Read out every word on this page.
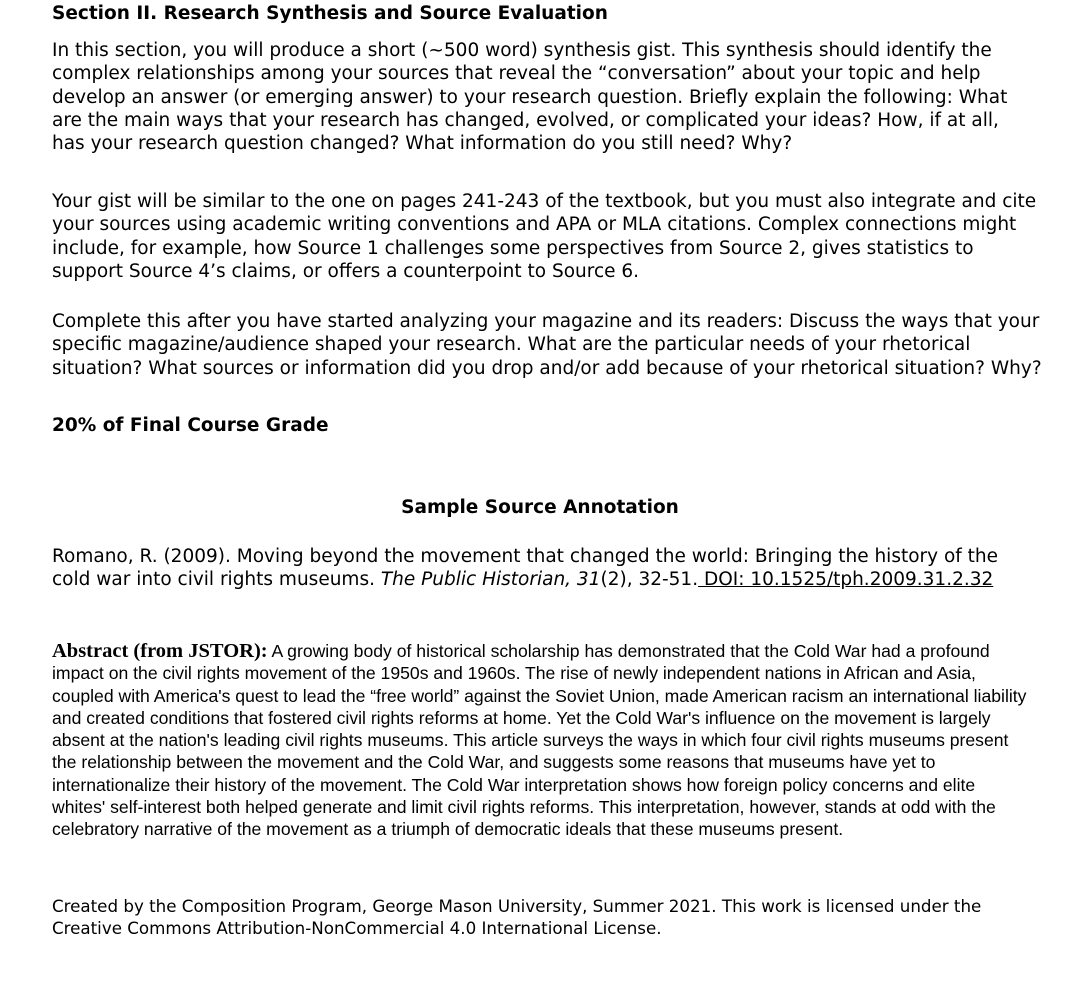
Section II. Research Synthesis and Source Evaluation

In this section, you will produce a short (~500 word) synthesis gist. This synthesis should identify the complex relationships among your sources that reveal the “conversation” about your topic and help develop an answer (or emerging answer) to your research question. Briefly explain the following: What are the main ways that your research has changed, evolved, or complicated your ideas? How, if at all, has your research question changed? What information do you still need? Why?

Your gist will be similar to the one on pages 241-243 of the textbook, but you must also integrate and cite your sources using academic writing conventions and APA or MLA citations. Complex connections might include, for example, how Source 1 challenges some perspectives from Source 2, gives statistics to support Source 4’s claims, or offers a counterpoint to Source 6.

Complete this after you have started analyzing your magazine and its readers: Discuss the ways that your specific magazine/audience shaped your research. What are the particular needs of your rhetorical situation? What sources or information did you drop and/or add because of your rhetorical situation? Why?

20% of Final Course Grade
Sample Source Annotation

Romano, R. (2009). Moving beyond the movement that changed the world: Bringing the history of the cold war into civil rights museums. The Public Historian, 31(2), 32-51. DOI: 10.1525/tph.2009.31.2.32

Abstract (from JSTOR): A growing body of historical scholarship has demonstrated that the Cold War had a profound impact on the civil rights movement of the 1950s and 1960s. The rise of newly independent nations in African and Asia, coupled with America's quest to lead the “free world” against the Soviet Union, made American racism an international liability and created conditions that fostered civil rights reforms at home. Yet the Cold War's influence on the movement is largely absent at the nation's leading civil rights museums. This article surveys the ways in which four civil rights museums present the relationship between the movement and the Cold War, and suggests some reasons that museums have yet to internationalize their history of the movement. The Cold War interpretation shows how foreign policy concerns and elite whites' self-interest both helped generate and limit civil rights reforms. This interpretation, however, stands at odd with the celebratory narrative of the movement as a triumph of democratic ideals that these museums present.

Created by the Composition Program, George Mason University, Summer 2021. This work is licensed under the Creative Commons Attribution-NonCommercial 4.0 International License.
